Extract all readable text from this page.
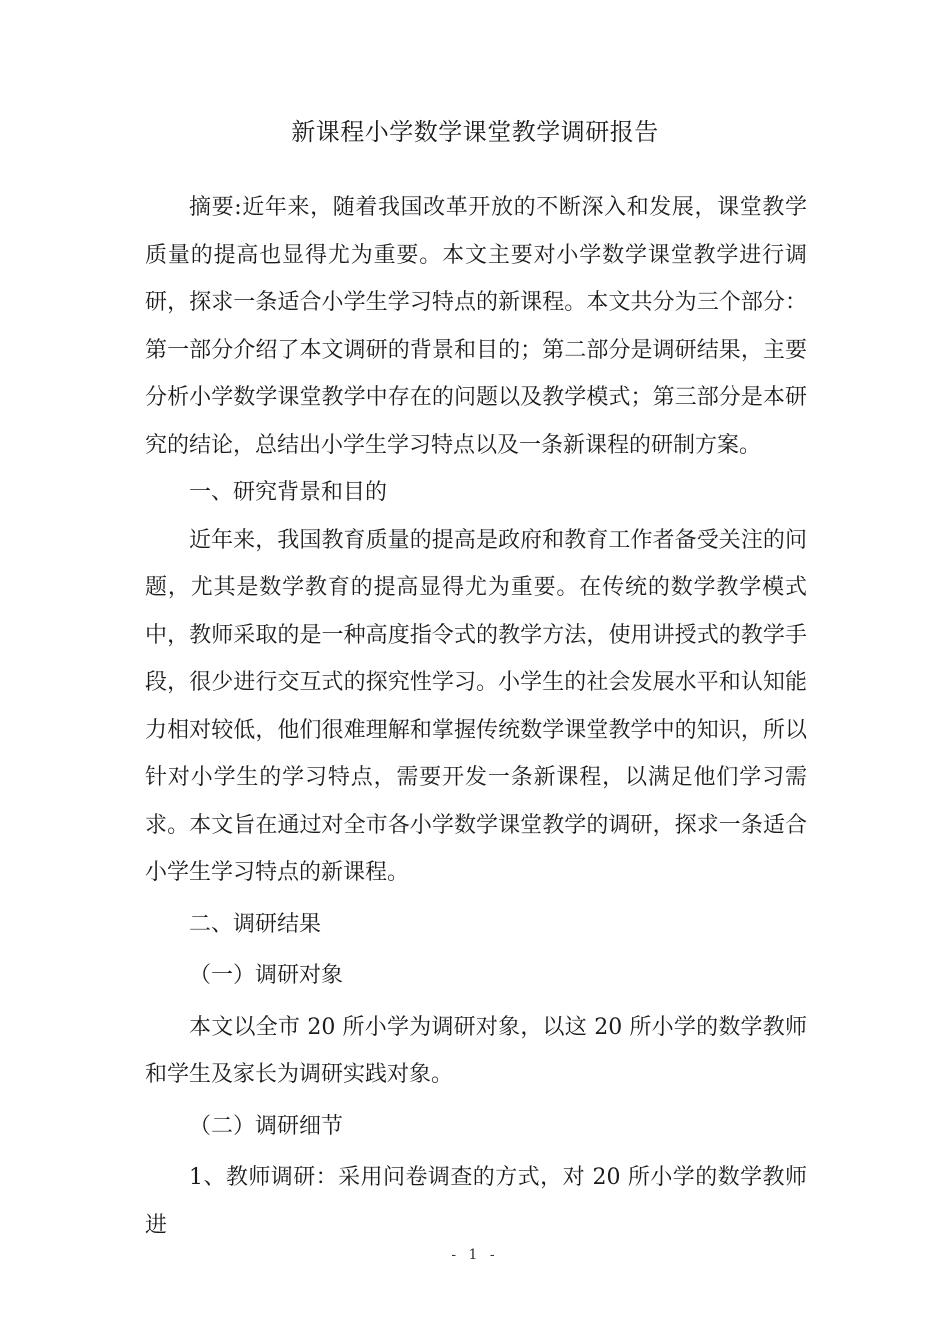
新课程小学数学课堂教学调研报告

摘要:近年来，随着我国改革开放的不断深入和发展，课堂教学质量的提高也显得尤为重要。本文主要对小学数学课堂教学进行调研，探求一条适合小学生学习特点的新课程。本文共分为三个部分：第一部分介绍了本文调研的背景和目的；第二部分是调研结果，主要分析小学数学课堂教学中存在的问题以及教学模式；第三部分是本研究的结论，总结出小学生学习特点以及一条新课程的研制方案。

一、研究背景和目的

近年来，我国教育质量的提高是政府和教育工作者备受关注的问题，尤其是数学教育的提高显得尤为重要。在传统的数学教学模式中，教师采取的是一种高度指令式的教学方法，使用讲授式的教学手段，很少进行交互式的探究性学习。小学生的社会发展水平和认知能力相对较低，他们很难理解和掌握传统数学课堂教学中的知识，所以针对小学生的学习特点，需要开发一条新课程，以满足他们学习需求。本文旨在通过对全市各小学数学课堂教学的调研，探求一条适合小学生学习特点的新课程。

二、调研结果

（一）调研对象

本文以全市 20 所小学为调研对象，以这 20 所小学的数学教师和学生及家长为调研实践对象。

（二）调研细节

1、教师调研：采用问卷调查的方式，对 20 所小学的数学教师进

- 1 -
